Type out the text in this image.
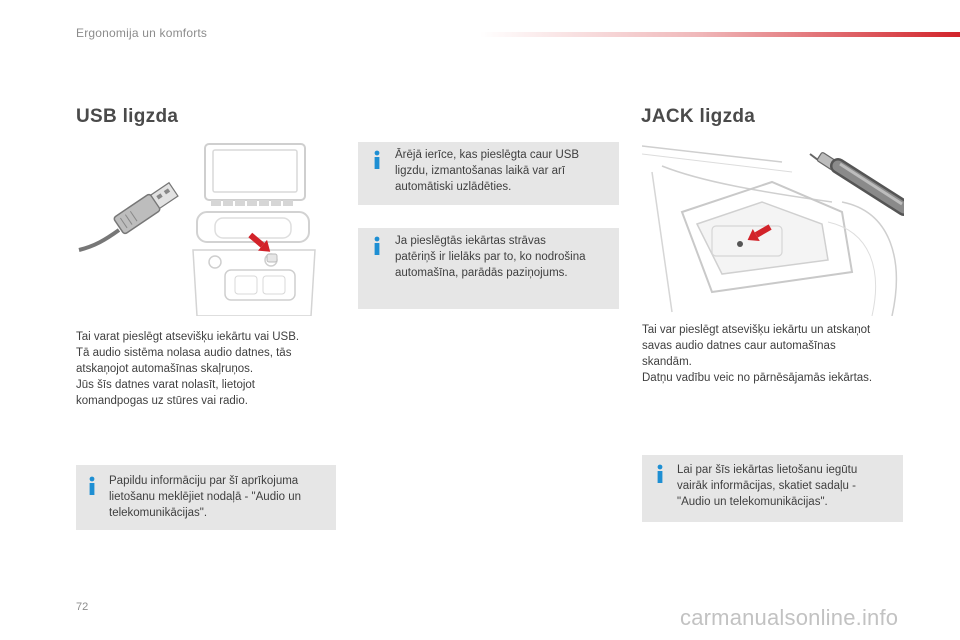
Ergonomija un komforts
USB ligzda

Tai varat pieslēgt atsevišķu iekārtu vai USB.

Tā audio sistēma nolasa audio datnes, tās

atskaņojot automašīnas skaļruņos.

Jūs šīs datnes varat nolasīt, lietojot

komandpogas uz stūres vai radio.

Ārējā ierīce, kas pieslēgta caur USB
ligzdu, izmantošanas laikā var arī
automātiski uzlādēties.
Ja pieslēgtās iekārtas strāvas
patēriņš ir lielāks par to, ko nodrošina
automašīna, parādās paziņojums.
Papildu informāciju par šī aprīkojuma
lietošanu meklējiet nodaļā - "Audio un
telekomunikācijas".
JACK ligzda

Tai var pieslēgt atsevišķu iekārtu un atskaņot

savas audio datnes caur automašīnas

skandām.

Datņu vadību veic no pārnēsājamās iekārtas.

Lai par šīs iekārtas lietošanu iegūtu
vairāk informācijas, skatiet sadaļu -
"Audio un telekomunikācijas".
72	carmanualsonline.info
